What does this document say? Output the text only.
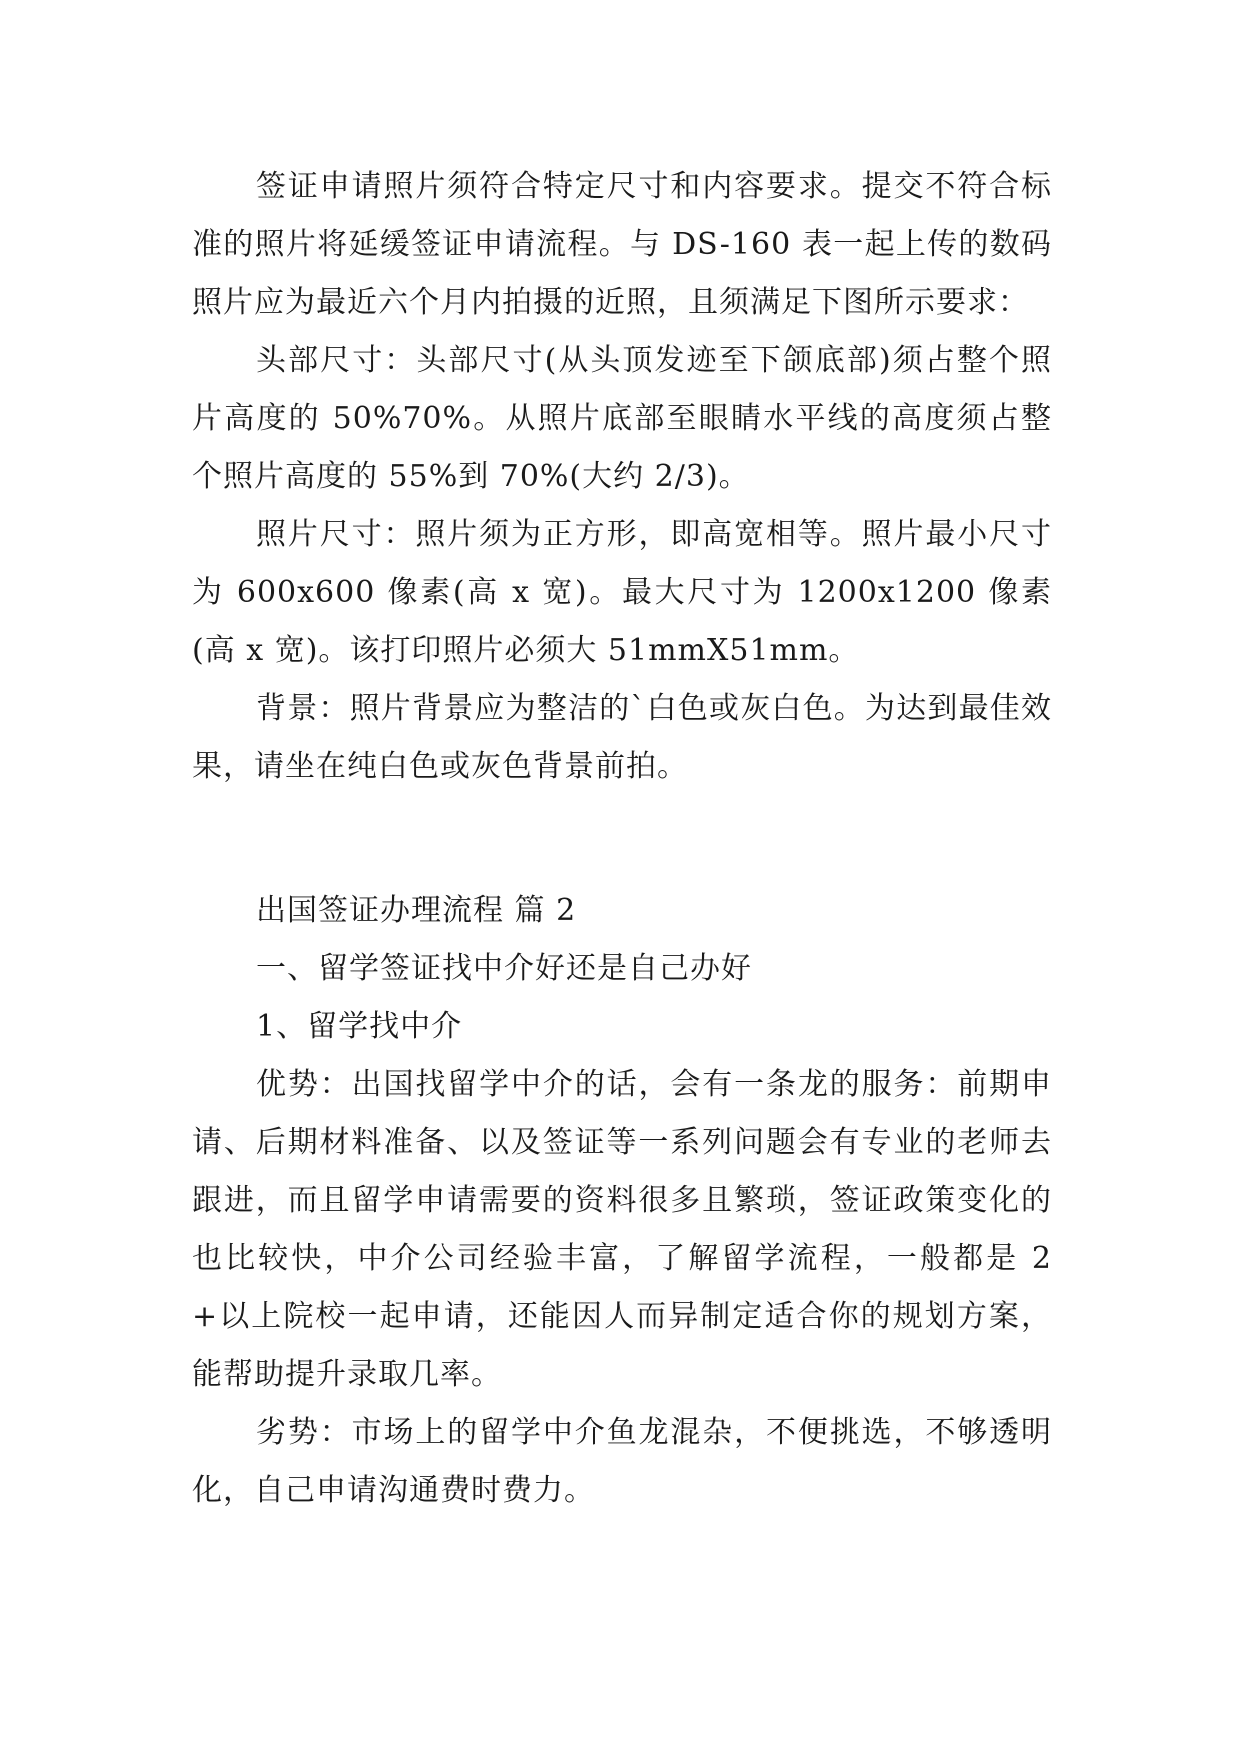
签证申请照片须符合特定尺寸和内容要求。提交不符合标准的照片将延缓签证申请流程。与 DS-160 表一起上传的数码照片应为最近六个月内拍摄的近照，且须满足下图所示要求：

头部尺寸：头部尺寸(从头顶发迹至下颌底部)须占整个照片高度的 50%70%。从照片底部至眼睛水平线的高度须占整个照片高度的 55%到 70%(大约 2/3)。

照片尺寸：照片须为正方形，即高宽相等。照片最小尺寸为 600x600 像素(高 x 宽)。最大尺寸为 1200x1200 像素(高 x 宽)。该打印照片必须大 51mmX51mm。

背景：照片背景应为整洁的`白色或灰白色。为达到最佳效果，请坐在纯白色或灰色背景前拍。

出国签证办理流程 篇 2

一、留学签证找中介好还是自己办好

1、留学找中介

优势：出国找留学中介的话，会有一条龙的服务：前期申请、后期材料准备、以及签证等一系列问题会有专业的老师去跟进，而且留学申请需要的资料很多且繁琐，签证政策变化的也比较快，中介公司经验丰富，了解留学流程，一般都是 2+以上院校一起申请，还能因人而异制定适合你的规划方案，能帮助提升录取几率。

劣势：市场上的留学中介鱼龙混杂，不便挑选，不够透明化，自己申请沟通费时费力。
